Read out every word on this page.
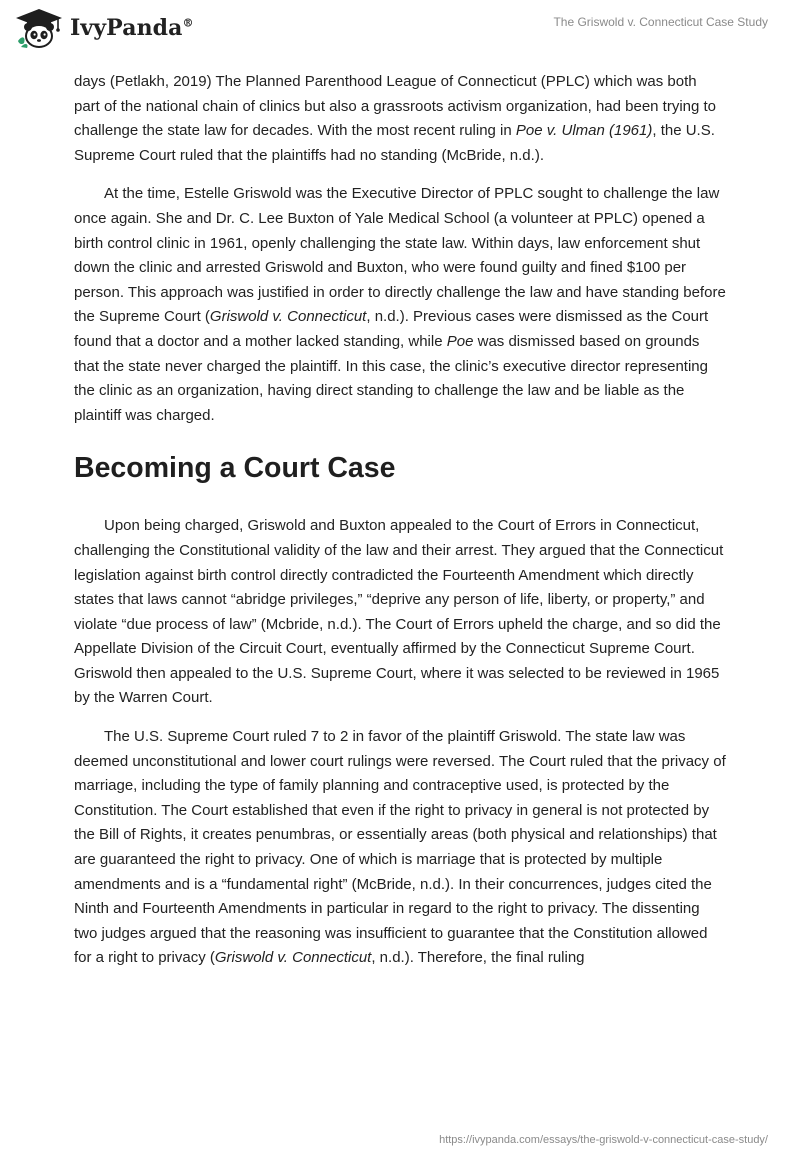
IvyPanda®	The Griswold v. Connecticut Case Study

days (Petlakh, 2019) The Planned Parenthood League of Connecticut (PPLC) which was both part of the national chain of clinics but also a grassroots activism organization, had been trying to challenge the state law for decades. With the most recent ruling in Poe v. Ulman (1961), the U.S. Supreme Court ruled that the plaintiffs had no standing (McBride, n.d.).

At the time, Estelle Griswold was the Executive Director of PPLC sought to challenge the law once again. She and Dr. C. Lee Buxton of Yale Medical School (a volunteer at PPLC) opened a birth control clinic in 1961, openly challenging the state law. Within days, law enforcement shut down the clinic and arrested Griswold and Buxton, who were found guilty and fined $100 per person. This approach was justified in order to directly challenge the law and have standing before the Supreme Court (Griswold v. Connecticut, n.d.). Previous cases were dismissed as the Court found that a doctor and a mother lacked standing, while Poe was dismissed based on grounds that the state never charged the plaintiff. In this case, the clinic’s executive director representing the clinic as an organization, having direct standing to challenge the law and be liable as the plaintiff was charged.

Becoming a Court Case

Upon being charged, Griswold and Buxton appealed to the Court of Errors in Connecticut, challenging the Constitutional validity of the law and their arrest. They argued that the Connecticut legislation against birth control directly contradicted the Fourteenth Amendment which directly states that laws cannot “abridge privileges,” “deprive any person of life, liberty, or property,” and violate “due process of law” (Mcbride, n.d.). The Court of Errors upheld the charge, and so did the Appellate Division of the Circuit Court, eventually affirmed by the Connecticut Supreme Court. Griswold then appealed to the U.S. Supreme Court, where it was selected to be reviewed in 1965 by the Warren Court.

The U.S. Supreme Court ruled 7 to 2 in favor of the plaintiff Griswold. The state law was deemed unconstitutional and lower court rulings were reversed. The Court ruled that the privacy of marriage, including the type of family planning and contraceptive used, is protected by the Constitution. The Court established that even if the right to privacy in general is not protected by the Bill of Rights, it creates penumbras, or essentially areas (both physical and relationships) that are guaranteed the right to privacy. One of which is marriage that is protected by multiple amendments and is a “fundamental right” (McBride, n.d.). In their concurrences, judges cited the Ninth and Fourteenth Amendments in particular in regard to the right to privacy. The dissenting two judges argued that the reasoning was insufficient to guarantee that the Constitution allowed for a right to privacy (Griswold v. Connecticut, n.d.). Therefore, the final ruling

https://ivypanda.com/essays/the-griswold-v-connecticut-case-study/
